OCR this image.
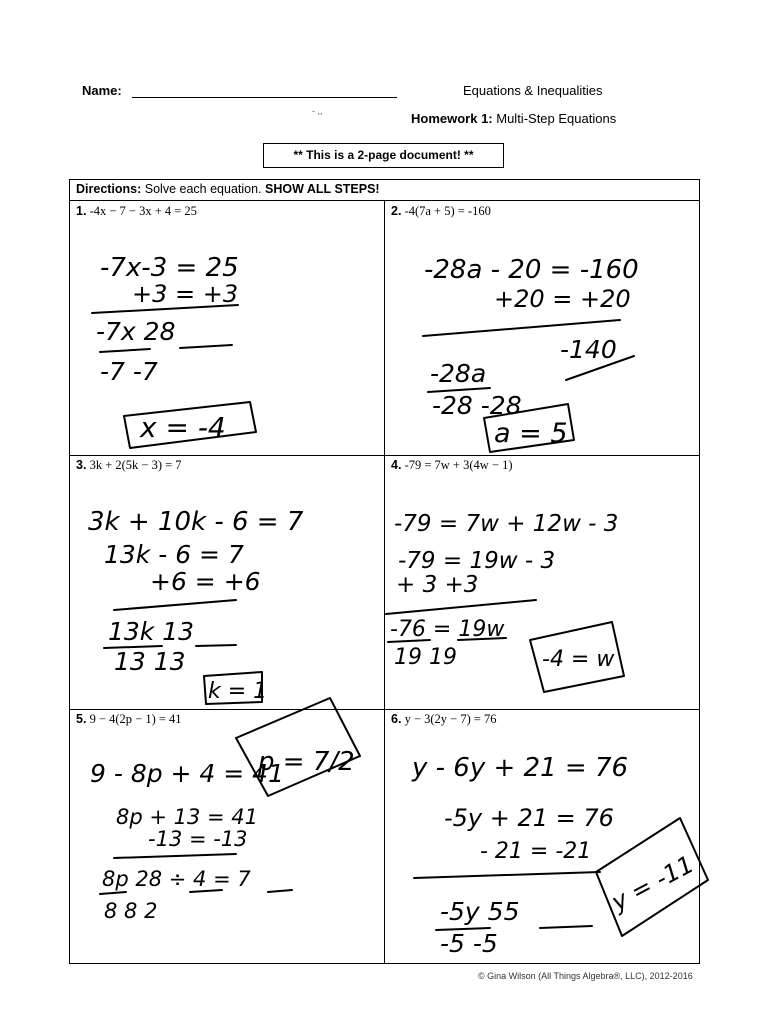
Name:	Equations & Inequalities
- ,,	Homework 1: Multi-Step Equations
** This is a 2-page document! **
Directions: Solve each equation. SHOW ALL STEPS!
1. -4x − 7 − 3x + 4 = 25	2. -4(7a + 5) = -160
3. 3k + 2(5k − 3) = 7	4. -79 = 7w + 3(4w − 1)
5. 9 − 4(2p − 1) = 41	6. y − 3(2y − 7) = 76
-7x-3 = 25
+3 = +3
-7x 28
-7 -7
x = -4
-28a - 20 = -160
+20 = +20
-140
-28a
-28 -28
a = 5
3k + 10k - 6 = 7
13k - 6 = 7
+6 = +6
13k 13
13 13
k = 1
-79 = 7w + 12w - 3
-79 = 19w - 3
+ 3 +3
-76 = 19w
19 19	-4 = w
9 - 8p + 4 = 41
8p + 13 = 41
-13 = -13
8p 28 ÷ 4 = 7
8 8 2
p = 7/2 y - 6y + 21 = 76
-5y + 21 = 76
- 21 = -21
-5y 55
-5 -5
y = -11
© Gina Wilson (All Things Algebra®, LLC), 2012-2016
